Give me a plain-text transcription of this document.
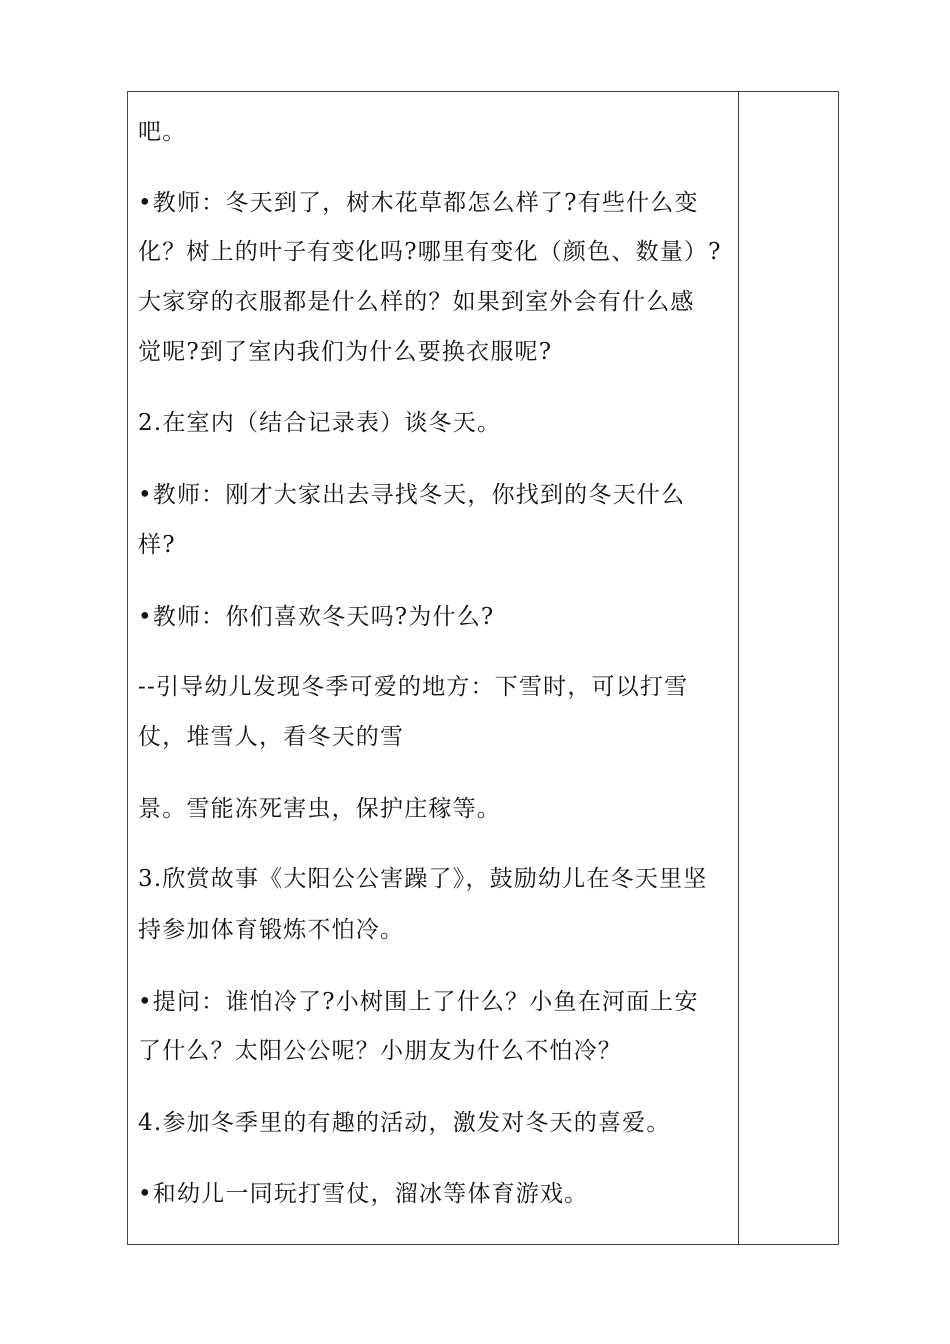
吧。
•教师：冬天到了，树木花草都怎么样了?有些什么变
化？树上的叶子有变化吗?哪里有变化（颜色、数量）?
大家穿的衣服都是什么样的？如果到室外会有什么感
觉呢?到了室内我们为什么要换衣服呢?
2.在室内（结合记录表）谈冬天。
•教师：刚才大家出去寻找冬天，你找到的冬天什么
样?
•教师：你们喜欢冬天吗?为什么?
--引导幼儿发现冬季可爱的地方：下雪时，可以打雪
仗，堆雪人，看冬天的雪
景。雪能冻死害虫，保护庄稼等。
3.欣赏故事《大阳公公害躁了》，鼓励幼儿在冬天里坚
持参加体育锻炼不怕冷。
•提问：谁怕冷了?小树围上了什么？小鱼在河面上安
了什么？太阳公公呢？小朋友为什么不怕冷？
4.参加冬季里的有趣的活动，激发对冬天的喜爱。
•和幼儿一同玩打雪仗，溜冰等体育游戏。
